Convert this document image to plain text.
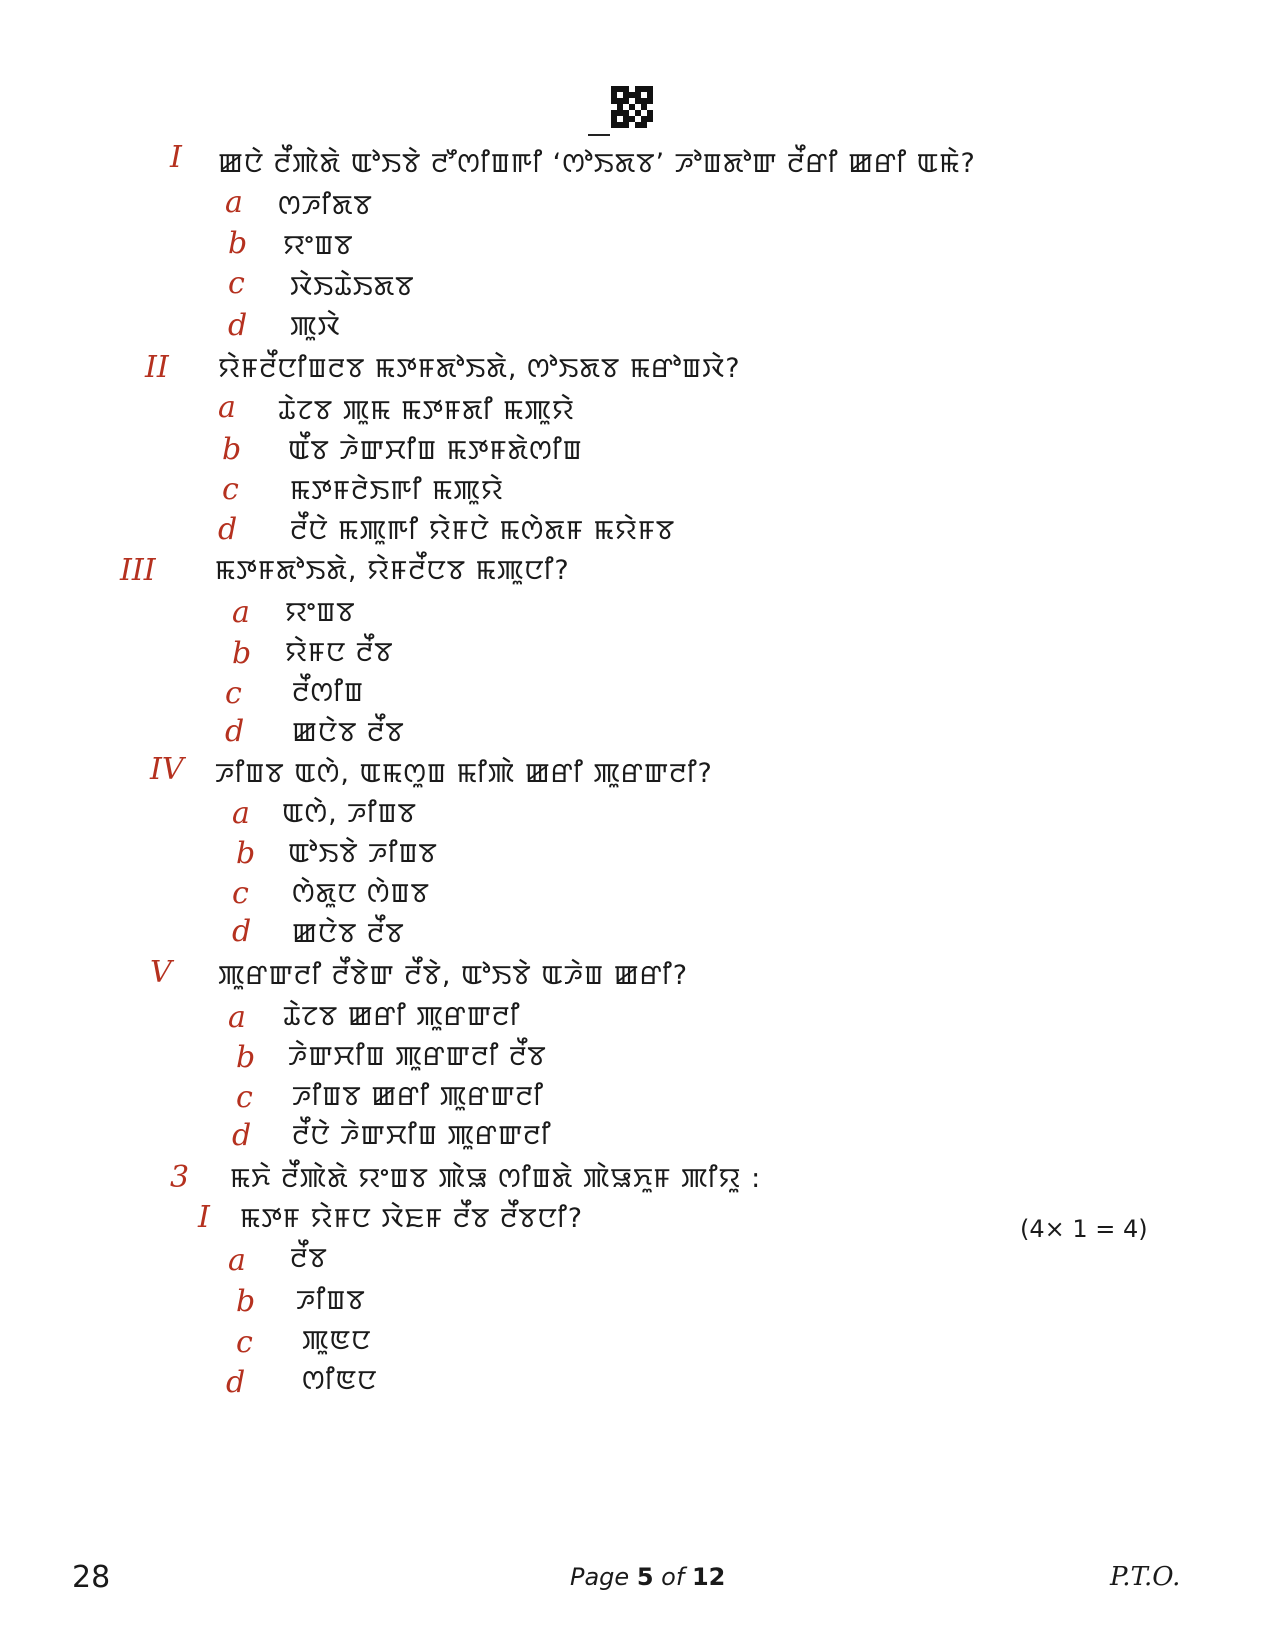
I ꯀꯅꯥ ꯂꯩꯄꯥꯗꯥ ꯑꯣꯏꯕꯥ ꯂꯧꯁꯤꯡꯒꯤ ‘ꯁꯣꯏꯗꯕ’ ꯍꯣꯡꯗꯣꯛ ꯂꯩꯔꯤ ꯀꯔꯤ ꯑꯃꯥ?
a ꯁꯍꯤꯗꯕ
b ꯌꯦꯡꯕ
c ꯋꯥꯏꯊꯥꯏꯗꯕ
d ꯄꯨꯋꯥ
II ꯌꯥꯝꯂꯩꯅꯤꯡꯂꯕ ꯃꯇꯝꯗꯣꯏꯗꯥ, ꯁꯣꯏꯗꯕ ꯃꯔꯣꯡꯋꯥ?
a ꯊꯥꯖꯕ ꯄꯨꯃ ꯃꯇꯝꯗꯤ ꯃꯄꯨꯌꯥ
b ꯑꯩꯕ ꯍꯥꯛꯆꯤꯡ ꯃꯇꯝꯗꯥꯁꯤꯡ
c ꯃꯇꯝꯂꯥꯏꯒꯤ ꯃꯄꯨꯌꯥ
d ꯂꯩꯅꯥ ꯃꯄꯨꯒꯤ ꯌꯥꯝꯅꯥ ꯃꯁꯥꯗꯝ ꯃꯌꯥꯝꯕ
III ꯃꯇꯝꯗꯣꯏꯗꯥ, ꯌꯥꯝꯂꯩꯅꯕ ꯃꯄꯨꯅꯤ?
a ꯌꯦꯡꯕ
b ꯌꯥꯝꯅ ꯂꯩꯕ
c ꯂꯩꯁꯤꯡ
d ꯀꯅꯥꯕ ꯂꯩꯕ
IV ꯍꯤꯡꯕ ꯑꯁꯥ, ꯑꯃꯁꯨꯡ ꯃꯤꯄꯥ ꯀꯔꯤ ꯄꯨꯔꯛꯂꯤ?
a ꯑꯁꯥ, ꯍꯤꯡꯕ
b ꯑꯣꯏꯕꯥ ꯍꯤꯡꯕ
c ꯁꯥꯗꯨꯅ ꯁꯥꯡꯕ
d ꯀꯅꯥꯕ ꯂꯩꯕ
V ꯄꯨꯔꯛꯂꯤ ꯂꯩꯕꯥꯛ ꯂꯩꯕꯥ, ꯑꯣꯏꯕꯥ ꯑꯍꯥꯡ ꯀꯔꯤ?
a ꯊꯥꯖꯕ ꯀꯔꯤ ꯄꯨꯔꯛꯂꯤ
b ꯍꯥꯛꯆꯤꯡ ꯄꯨꯔꯛꯂꯤ ꯂꯩꯕ
c ꯍꯤꯡꯕ ꯀꯔꯤ ꯄꯨꯔꯛꯂꯤ
d ꯂꯩꯅꯥ ꯍꯥꯛꯆꯤꯡ ꯄꯨꯔꯛꯂꯤ
3 ꯃꯈꯥ ꯂꯩꯄꯥꯗꯥ ꯌꯦꯡꯕ ꯄꯥꯎ ꯁꯤꯡꯗꯥ ꯄꯥꯎꯈꯨꯝ ꯄꯤꯌꯨ :
(4× 1 = 4)
I ꯃꯇꯝ ꯌꯥꯝꯅ ꯋꯥꯐꯝ ꯂꯩꯕ ꯂꯩꯕꯅꯤ?
a ꯂꯩꯕ
b ꯍꯤꯡꯕ
c ꯄꯨꯟꯅ
d ꯁꯤꯟꯅ
28	Page 5 of 12	P.T.O.
